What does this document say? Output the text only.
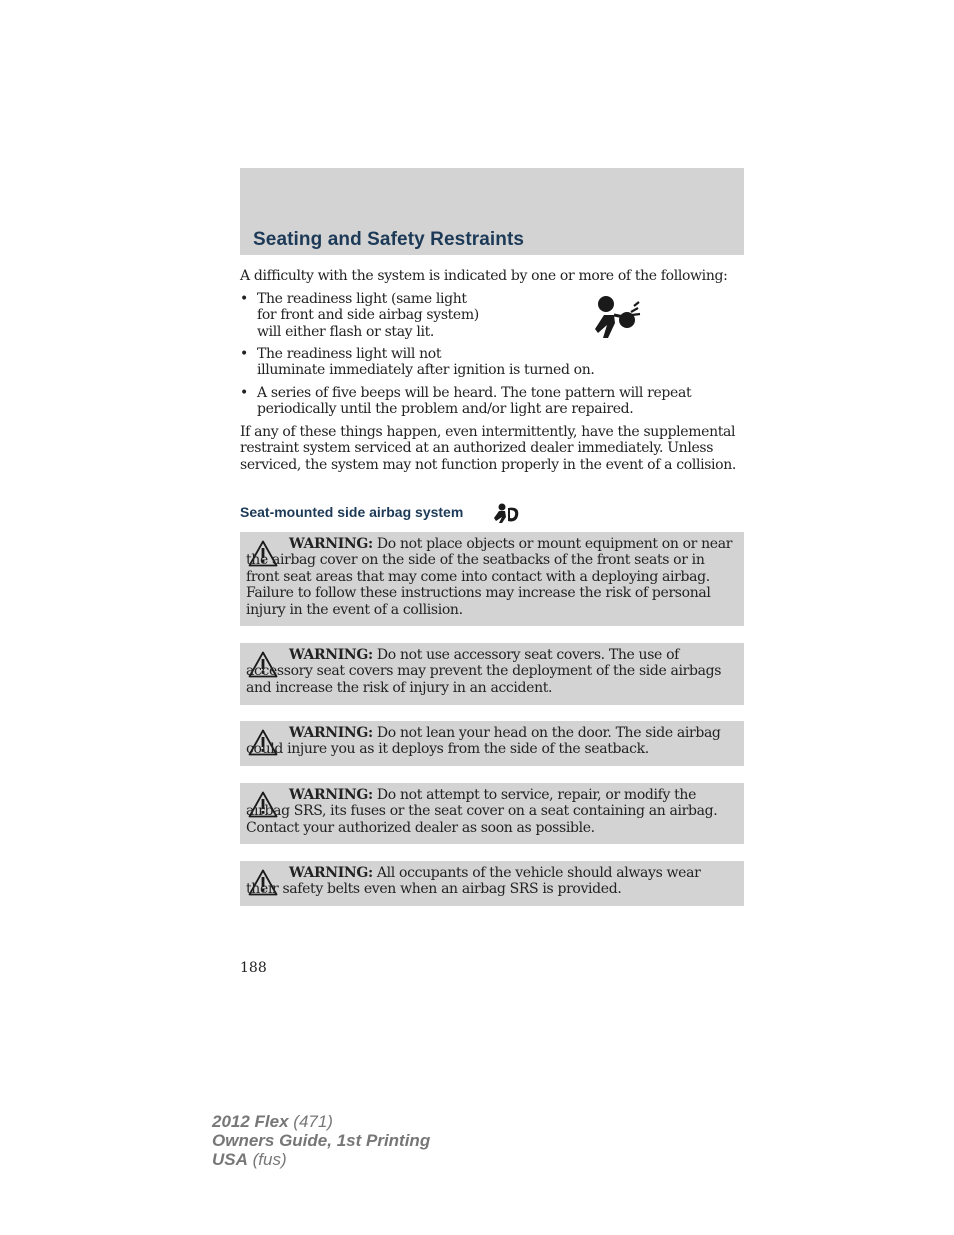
Seating and Safety Restraints
A difficulty with the system is indicated by one or more of the following:
• The readiness light (same light
for front and side airbag system)
will either flash or stay lit.
• The readiness light will not
illuminate immediately after ignition is turned on.
• A series of five beeps will be heard. The tone pattern will repeat
periodically until the problem and/or light are repaired.
If any of these things happen, even intermittently, have the supplemental restraint system serviced at an authorized dealer immediately. Unless serviced, the system may not function properly in the event of a collision.
Seat-mounted side airbag system
WARNING: Do not place objects or mount equipment on or near the airbag cover on the side of the seatbacks of the front seats or in front seat areas that may come into contact with a deploying airbag. Failure to follow these instructions may increase the risk of personal injury in the event of a collision.
WARNING: Do not use accessory seat covers. The use of accessory seat covers may prevent the deployment of the side airbags and increase the risk of injury in an accident.
WARNING: Do not lean your head on the door. The side airbag could injure you as it deploys from the side of the seatback.
WARNING: Do not attempt to service, repair, or modify the airbag SRS, its fuses or the seat cover on a seat containing an airbag. Contact your authorized dealer as soon as possible.
WARNING: All occupants of the vehicle should always wear their safety belts even when an airbag SRS is provided.
188
2012 Flex (471)
Owners Guide, 1st Printing
USA (fus)
